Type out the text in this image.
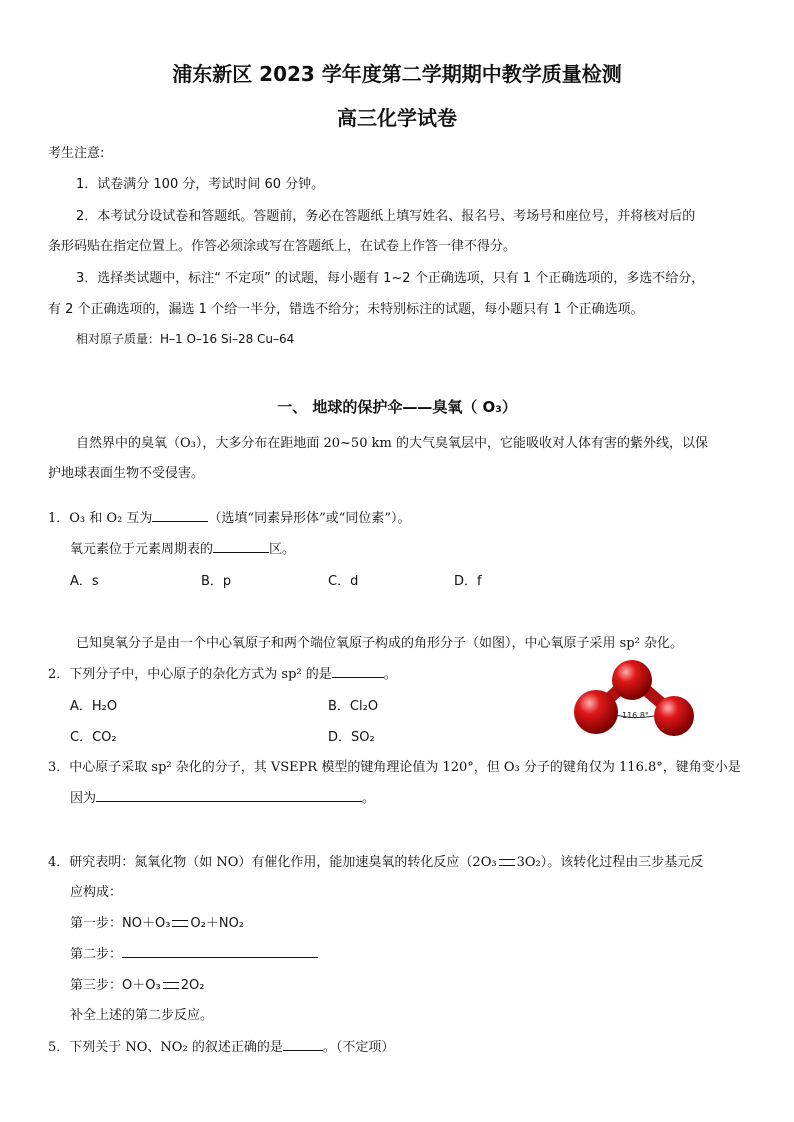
浦东新区 2023 学年度第二学期期中教学质量检测
高三化学试卷
考生注意:
1．试卷满分 100 分，考试时间 60 分钟。
2．本考试分设试卷和答题纸。答题前，务必在答题纸上填写姓名、报名号、考场号和座位号，并将核对后的
条形码贴在指定位置上。作答必须涂或写在答题纸上，在试卷上作答一律不得分。
3．选择类试题中，标注“ 不定项” 的试题，每小题有 1~2 个正确选项，只有 1 个正确选项的，多选不给分，
有 2 个正确选项的，漏选 1 个给一半分，错选不给分；未特别标注的试题，每小题只有 1 个正确选项。
相对原子质量：H–1 O–16 Si–28 Cu–64
一、 地球的保护伞——臭氧（ O₃）
自然界中的臭氧（O₃），大多分布在距地面 20~50 km 的大气臭氧层中，它能吸收对人体有害的紫外线，以保
护地球表面生物不受侵害。
1．O₃ 和 O₂ 互为	（选填“同素异形体”或“同位素”）。
氧元素位于元素周期表的	区。
A．s	B．p	C．d	D．f
已知臭氧分子是由一个中心氧原子和两个端位氧原子构成的角形分子（如图），中心氧原子采用 sp² 杂化。
2．下列分子中，中心原子的杂化方式为 sp² 的是	。
A．H₂O	B．Cl₂O
C．CO₂	D．SO₂
116.8°
3．中心原子采取 sp² 杂化的分子，其 VSEPR 模型的键角理论值为 120°，但 O₃ 分子的键角仅为 116.8°，键角变小是
因为	。
4．研究表明：氮氧化物（如 NO）有催化作用，能加速臭氧的转化反应（2O₃ 3O₂）。该转化过程由三步基元反
应构成：
第一步：NO＋O₃ O₂＋NO₂
第二步：
第三步：O＋O₃ 2O₂
补全上述的第二步反应。
5．下列关于 NO、NO₂ 的叙述正确的是	。（不定项）
